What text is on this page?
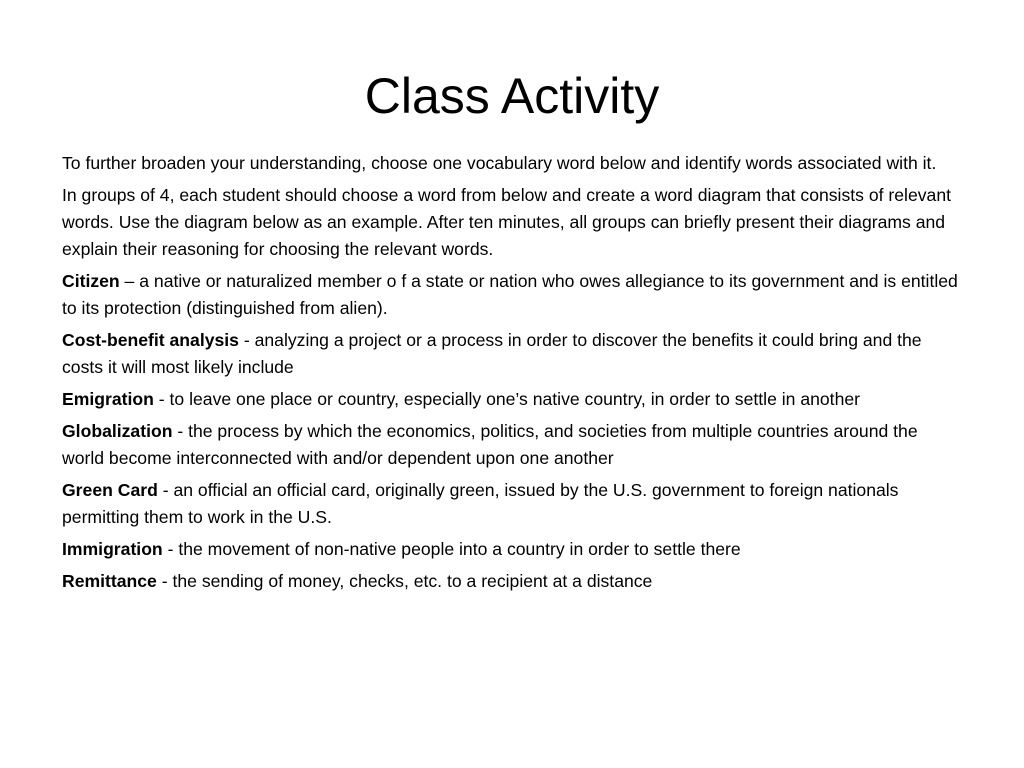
Class Activity

To further broaden your understanding, choose one vocabulary word below and identify words associated with it.

In groups of 4, each student should choose a word from below and create a word diagram that consists of relevant words. Use the diagram below as an example. After ten minutes, all groups can briefly present their diagrams and explain their reasoning for choosing the relevant words.

Citizen – a native or naturalized member o f a state or nation who owes allegiance to its government and is entitled to its protection (distinguished from alien).

Cost-benefit analysis - analyzing a project or a process in order to discover the benefits it could bring and the costs it will most likely include

Emigration - to leave one place or country, especially one’s native country, in order to settle in another

Globalization - the process by which the economics, politics, and societies from multiple countries around the world become interconnected with and/or dependent upon one another

Green Card - an official an official card, originally green, issued by the U.S. government to foreign nationals permitting them to work in the U.S.

Immigration - the movement of non-native people into a country in order to settle there

Remittance - the sending of money, checks, etc. to a recipient at a distance
